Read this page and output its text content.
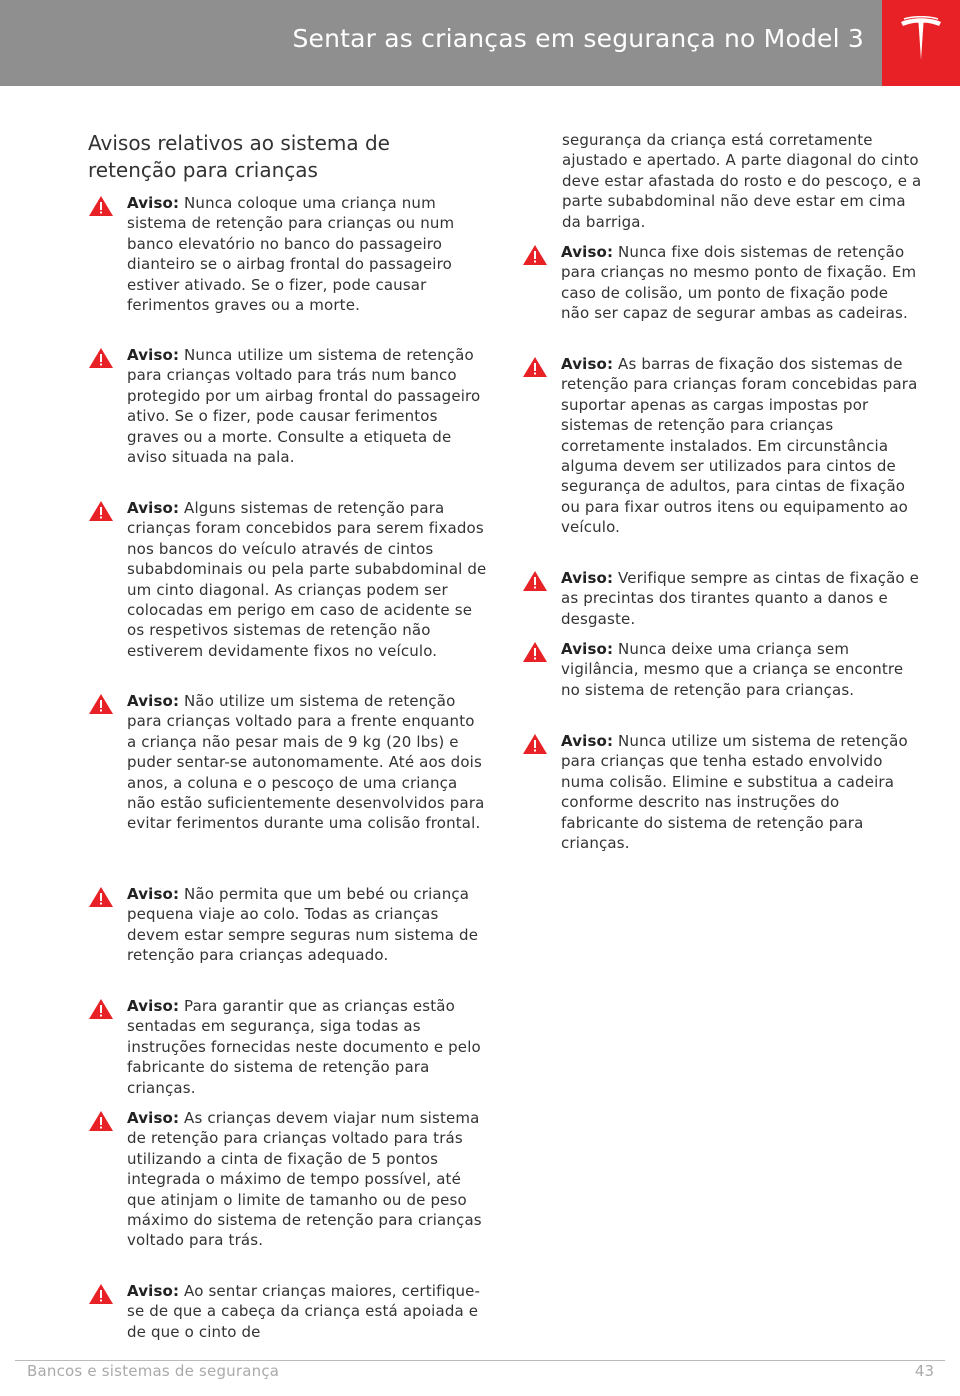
Sentar as crianças em segurança no Model 3
Avisos relativos ao sistema de retenção para crianças
Aviso: Nunca coloque uma criança num sistema de retenção para crianças ou num banco elevatório no banco do passageiro dianteiro se o airbag frontal do passageiro estiver ativado. Se o fizer, pode causar ferimentos graves ou a morte.
Aviso: Nunca utilize um sistema de retenção para crianças voltado para trás num banco protegido por um airbag frontal do passageiro ativo. Se o fizer, pode causar ferimentos graves ou a morte. Consulte a etiqueta de aviso situada na pala.
Aviso: Alguns sistemas de retenção para crianças foram concebidos para serem fixados nos bancos do veículo através de cintos subabdominais ou pela parte subabdominal de um cinto diagonal. As crianças podem ser colocadas em perigo em caso de acidente se os respetivos sistemas de retenção não estiverem devidamente fixos no veículo.
Aviso: Não utilize um sistema de retenção para crianças voltado para a frente enquanto a criança não pesar mais de 9 kg (20 lbs) e puder sentar-se autonomamente. Até aos dois anos, a coluna e o pescoço de uma criança não estão suficientemente desenvolvidos para evitar ferimentos durante uma colisão frontal.
Aviso: Não permita que um bebé ou criança pequena viaje ao colo. Todas as crianças devem estar sempre seguras num sistema de retenção para crianças adequado.
Aviso: Para garantir que as crianças estão sentadas em segurança, siga todas as instruções fornecidas neste documento e pelo fabricante do sistema de retenção para crianças.
Aviso: As crianças devem viajar num sistema de retenção para crianças voltado para trás utilizando a cinta de fixação de 5 pontos integrada o máximo de tempo possível, até que atinjam o limite de tamanho ou de peso máximo do sistema de retenção para crianças voltado para trás.
Aviso: Ao sentar crianças maiores, certifique-se de que a cabeça da criança está apoiada e de que o cinto de
segurança da criança está corretamente ajustado e apertado. A parte diagonal do cinto deve estar afastada do rosto e do pescoço, e a parte subabdominal não deve estar em cima da barriga.
Aviso: Nunca fixe dois sistemas de retenção para crianças no mesmo ponto de fixação. Em caso de colisão, um ponto de fixação pode não ser capaz de segurar ambas as cadeiras.
Aviso: As barras de fixação dos sistemas de retenção para crianças foram concebidas para suportar apenas as cargas impostas por sistemas de retenção para crianças corretamente instalados. Em circunstância alguma devem ser utilizados para cintos de segurança de adultos, para cintas de fixação ou para fixar outros itens ou equipamento ao veículo.
Aviso: Verifique sempre as cintas de fixação e as precintas dos tirantes quanto a danos e desgaste.
Aviso: Nunca deixe uma criança sem vigilância, mesmo que a criança se encontre no sistema de retenção para crianças.
Aviso: Nunca utilize um sistema de retenção para crianças que tenha estado envolvido numa colisão. Elimine e substitua a cadeira conforme descrito nas instruções do fabricante do sistema de retenção para crianças.
Bancos e sistemas de segurança	43
